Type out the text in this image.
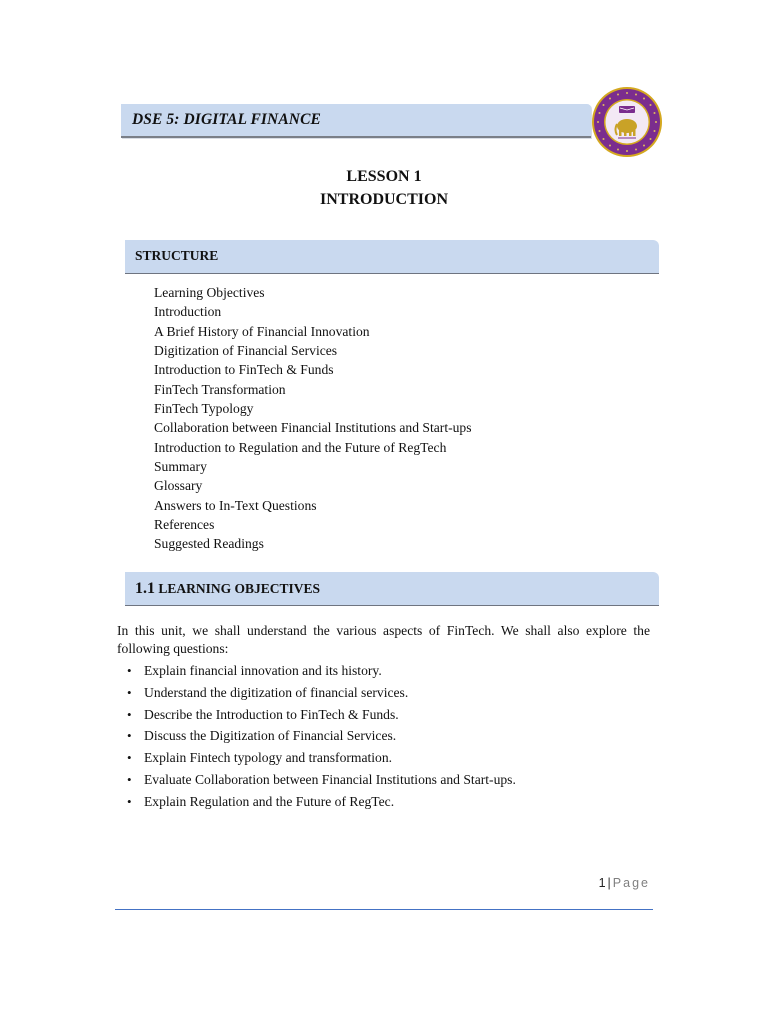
DSE 5: DIGITAL FINANCE
LESSON 1
INTRODUCTION
STRUCTURE
Learning Objectives
Introduction
A Brief History of Financial Innovation
Digitization of Financial Services
Introduction to FinTech & Funds
FinTech Transformation
FinTech Typology
Collaboration between Financial Institutions and Start-ups
Introduction to Regulation and the Future of RegTech
Summary
Glossary
Answers to In-Text Questions
References
Suggested Readings
1.1 LEARNING OBJECTIVES

In this unit, we shall understand the various aspects of FinTech. We shall also explore the following questions:

• Explain financial innovation and its history.
• Understand the digitization of financial services.
• Describe the Introduction to FinTech & Funds.
• Discuss the Digitization of Financial Services.
• Explain Fintech typology and transformation.
• Evaluate Collaboration between Financial Institutions and Start-ups.
• Explain Regulation and the Future of RegTec.
1 | Page
